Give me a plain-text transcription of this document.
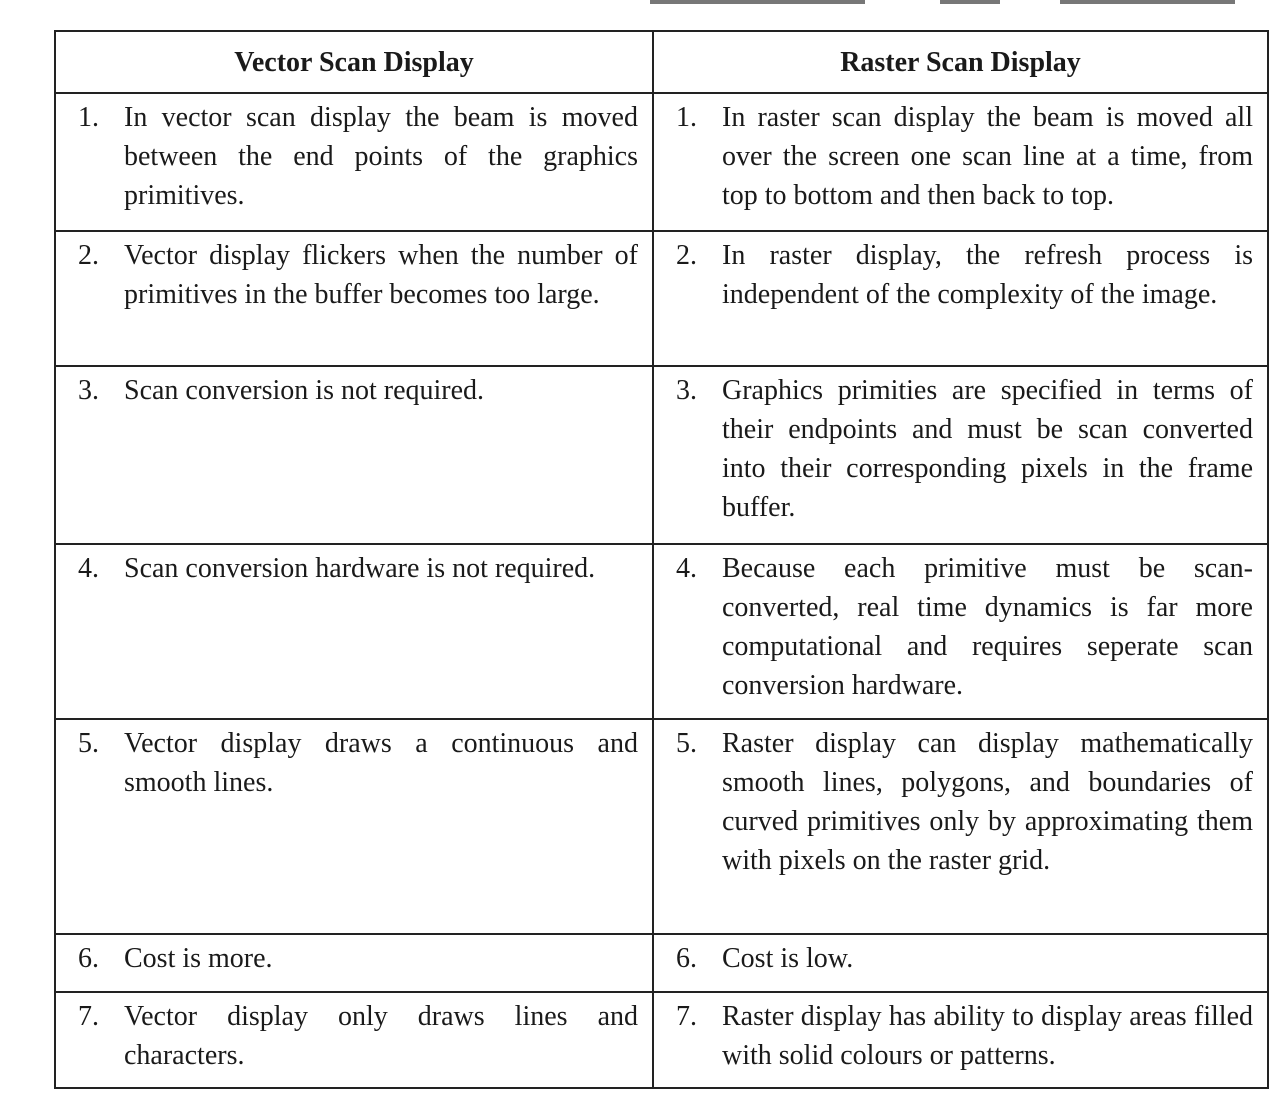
Vector Scan Display	Raster Scan Display

1. In vector scan display the beam is moved between the end points of the graphics primitives.	1. In raster scan display the beam is moved all over the screen one scan line at a time, from top to bottom and then back to top.

2. Vector display flickers when the number of primitives in the buffer becomes too large.	2. In raster display, the refresh process is independent of the complexity of the image.

3. Scan conversion is not required.	3. Graphics primities are specified in terms of their endpoints and must be scan converted into their corresponding pixels in the frame buffer.

4. Scan conversion hardware is not required.	4. Because each primitive must be scan-converted, real time dynamics is far more computational and requires seperate scan conversion hardware.

5. Vector display draws a continuous and smooth lines.	5. Raster display can display mathematically smooth lines, polygons, and boundaries of curved primitives only by approximating them with pixels on the raster grid.

6. Cost is more.	6. Cost is low.

7. Vector display only draws lines and characters.	7. Raster display has ability to display areas filled with solid colours or patterns.
